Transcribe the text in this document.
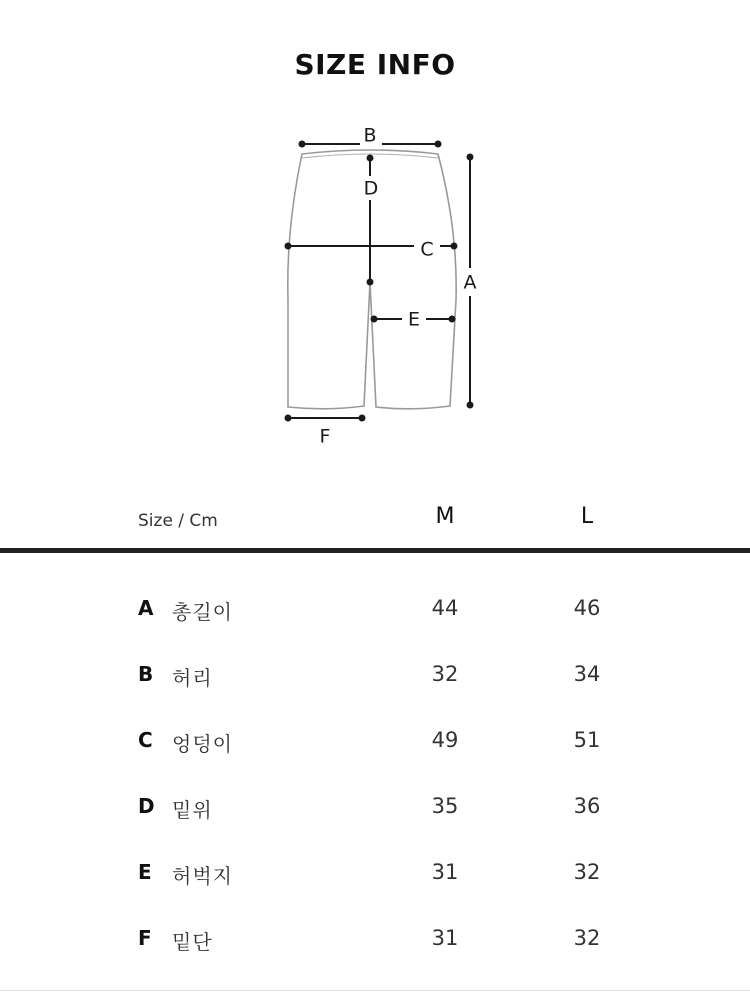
SIZE INFO
B
D
C
E
A
F
Size / Cm	M	L
A 총길이	44	46
B 허리	32	34
C 엉덩이	49	51
D 밑위	35	36
E 허벅지	31	32
F 밑단	31	32
